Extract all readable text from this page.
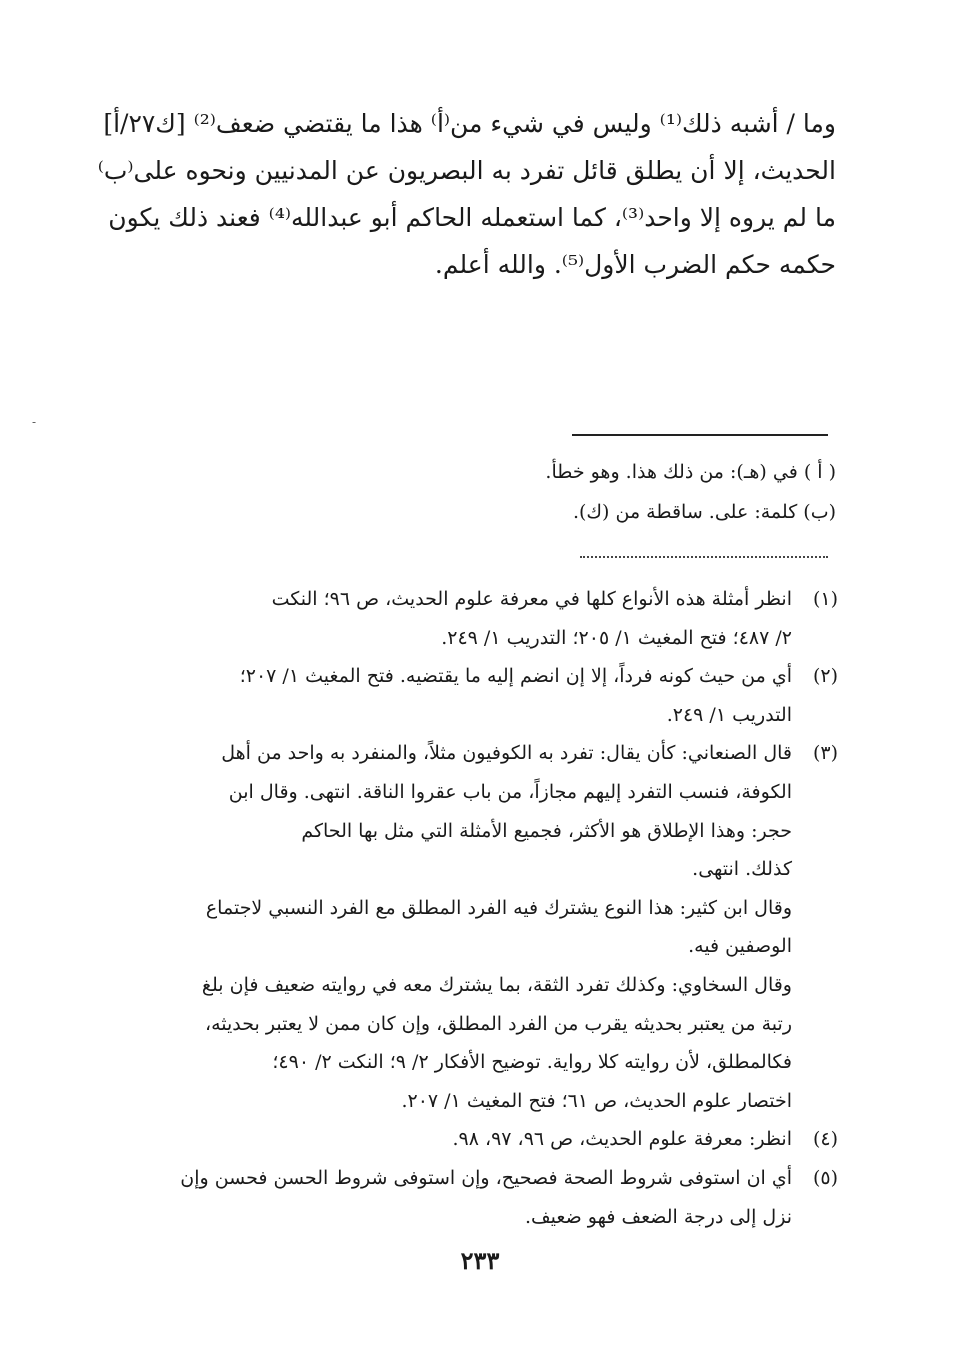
وما / أشبه ذلك⁽¹⁾ وليس في شيء من⁽أ⁾ هذا ما يقتضي ضعف⁽²⁾ [ك٢٧/أ]
الحديث، إلا أن يطلق قائل تفرد به البصريون عن المدنيين ونحوه على⁽ب⁾
ما لم يروه إلا واحد⁽³⁾، كما استعمله الحاكم أبو عبدالله⁽⁴⁾ فعند ذلك يكون
حكمه حكم الضرب الأول⁽⁵⁾. والله أعلم.
-
( أ ) في (هـ): من ذلك هذا. وهو خطأ.
(ب) كلمة: على. ساقطة من (ك).
(١)
انظر أمثلة هذه الأنواع كلها في معرفة علوم الحديث، ص ٩٦؛ النكت
٢/ ٤٨٧؛ فتح المغيث ١/ ٢٠٥؛ التدريب ١/ ٢٤٩.
(٢)
أي من حيث كونه فرداً، إلا إن انضم إليه ما يقتضيه. فتح المغيث ١/ ٢٠٧؛
التدريب ١/ ٢٤٩.
(٣)
قال الصنعاني: كأن يقال: تفرد به الكوفيون مثلاً، والمنفرد به واحد من أهل
الكوفة، فنسب التفرد إليهم مجازاً، من باب عقروا الناقة. انتهى. وقال ابن
حجر: وهذا الإطلاق هو الأكثر، فجميع الأمثلة التي مثل بها الحاكم
كذلك. انتهى.
وقال ابن كثير: هذا النوع يشترك فيه الفرد المطلق مع الفرد النسبي لاجتماع
الوصفين فيه.
وقال السخاوي: وكذلك تفرد الثقة، بما يشترك معه في روايته ضعيف فإن بلغ
رتبة من يعتبر بحديثه يقرب من الفرد المطلق، وإن كان ممن لا يعتبر بحديثه،
فكالمطلق، لأن روايته كلا رواية. توضيح الأفكار ٢/ ٩؛ النكت ٢/ ٤٩٠؛
اختصار علوم الحديث، ص ٦١؛ فتح المغيث ١/ ٢٠٧.
(٤)
انظر: معرفة علوم الحديث، ص ٩٦، ٩٧، ٩٨.
(٥)
أي ان استوفى شروط الصحة فصحيح، وإن استوفى شروط الحسن فحسن وإن
نزل إلى درجة الضعف فهو ضعيف.
٢٣٣
